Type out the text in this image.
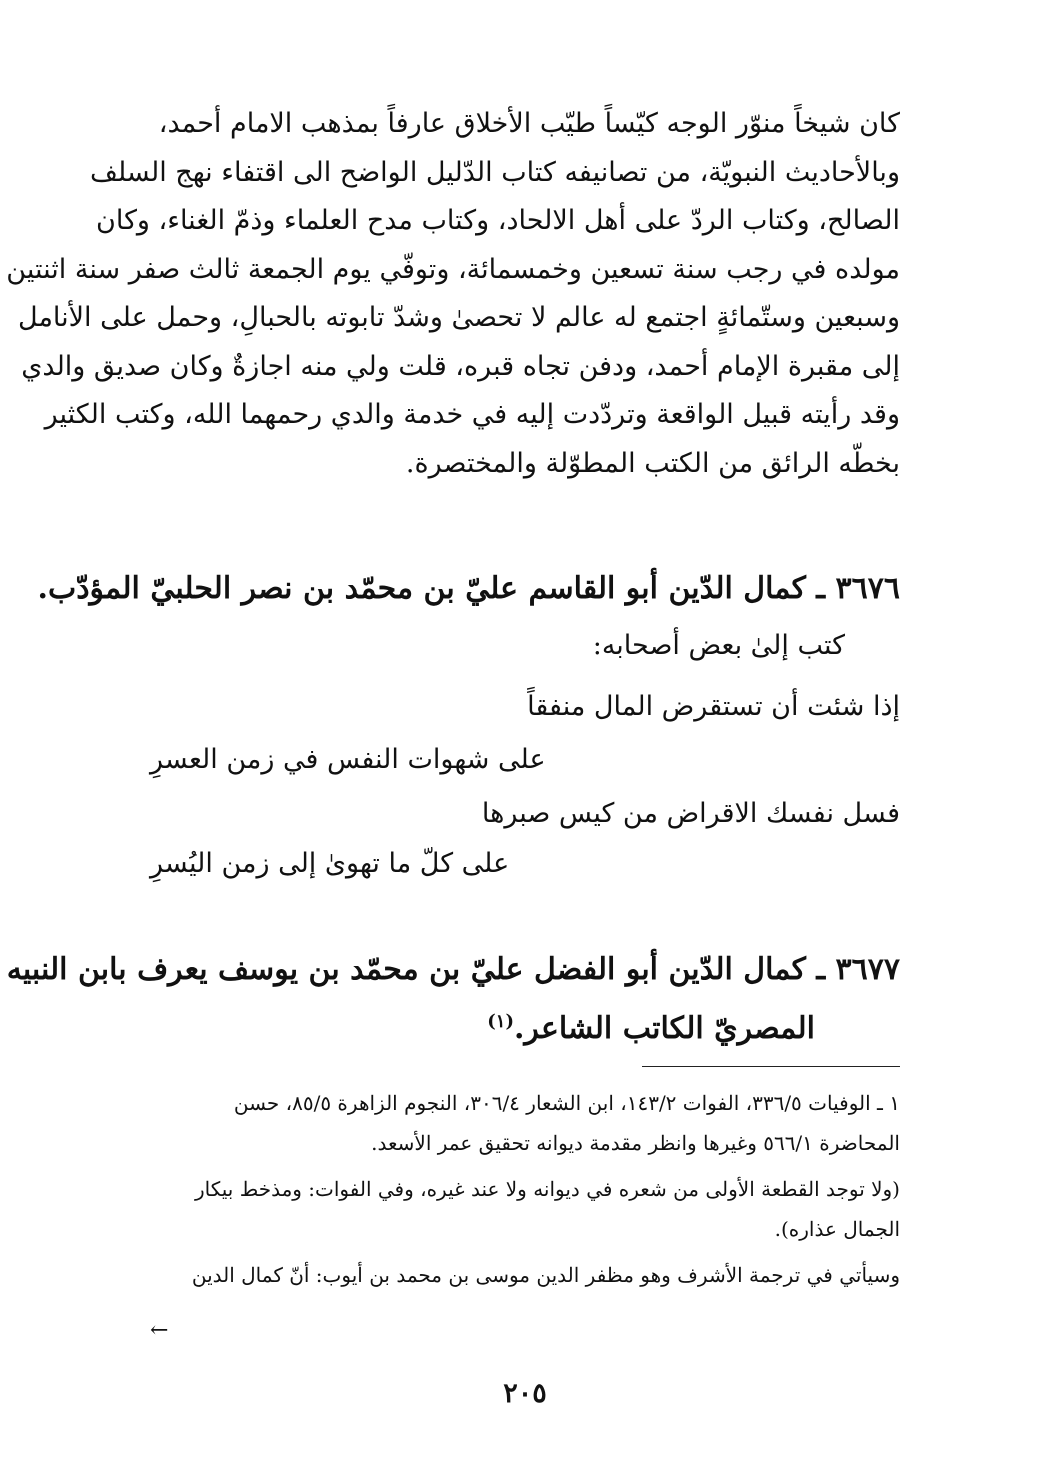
كان شيخاً منوّر الوجه كيّساً طيّب الأخلاق عارفاً بمذهب الامام أحمد،
وبالأحاديث النبويّة، من تصانيفه كتاب الدّليل الواضح الى اقتفاء نهج السلف
الصالح، وكتاب الردّ على أهل الالحاد، وكتاب مدح العلماء وذمّ الغناء، وكان
مولده في رجب سنة تسعين وخمسمائة، وتوفّي يوم الجمعة ثالث صفر سنة اثنتين
وسبعين وستّمائةٍ اجتمع له عالم لا تحصىٰ وشدّ تابوته بالحبالِ، وحمل على الأنامل
إلى مقبرة الإمام أحمد، ودفن تجاه قبره، قلت ولي منه اجازةٌ وكان صديق والدي
وقد رأيته قبيل الواقعة وتردّدت إليه في خدمة والدي رحمهما الله، وكتب الكثير
بخطّه الرائق من الكتب المطوّلة والمختصرة.
٣٦٧٦ ـ كمال الدّين أبو القاسم عليّ بن محمّد بن نصر الحلبيّ المؤدّب.
كتب إلىٰ بعض أصحابه:
إذا شئت أن تستقرض المال منفقاً
على شهوات النفس في زمن العسرِ
فسل نفسك الاقراض من كيس صبرها
على كلّ ما تهوىٰ إلى زمن اليُسرِ
٣٦٧٧ ـ كمال الدّين أبو الفضل عليّ بن محمّد بن يوسف يعرف بابن النبيه
المصريّ الكاتب الشاعر.$^{(١)}$
١ ـ الوفيات ٣٣٦/٥، الفوات ١٤٣/٢، ابن الشعار ٣٠٦/٤، النجوم الزاهرة ٨٥/٥، حسن المحاضرة ٥٦٦/١ وغيرها وانظر مقدمة ديوانه تحقيق عمر الأسعد.
(ولا توجد القطعة الأولى من شعره في ديوانه ولا عند غيره، وفي الفوات: ومذخط بيكار الجمال عذاره).
وسيأتي في ترجمة الأشرف وهو مظفر الدين موسى بن محمد بن أيوب: أنّ كمال الدين
←
٢٠٥
